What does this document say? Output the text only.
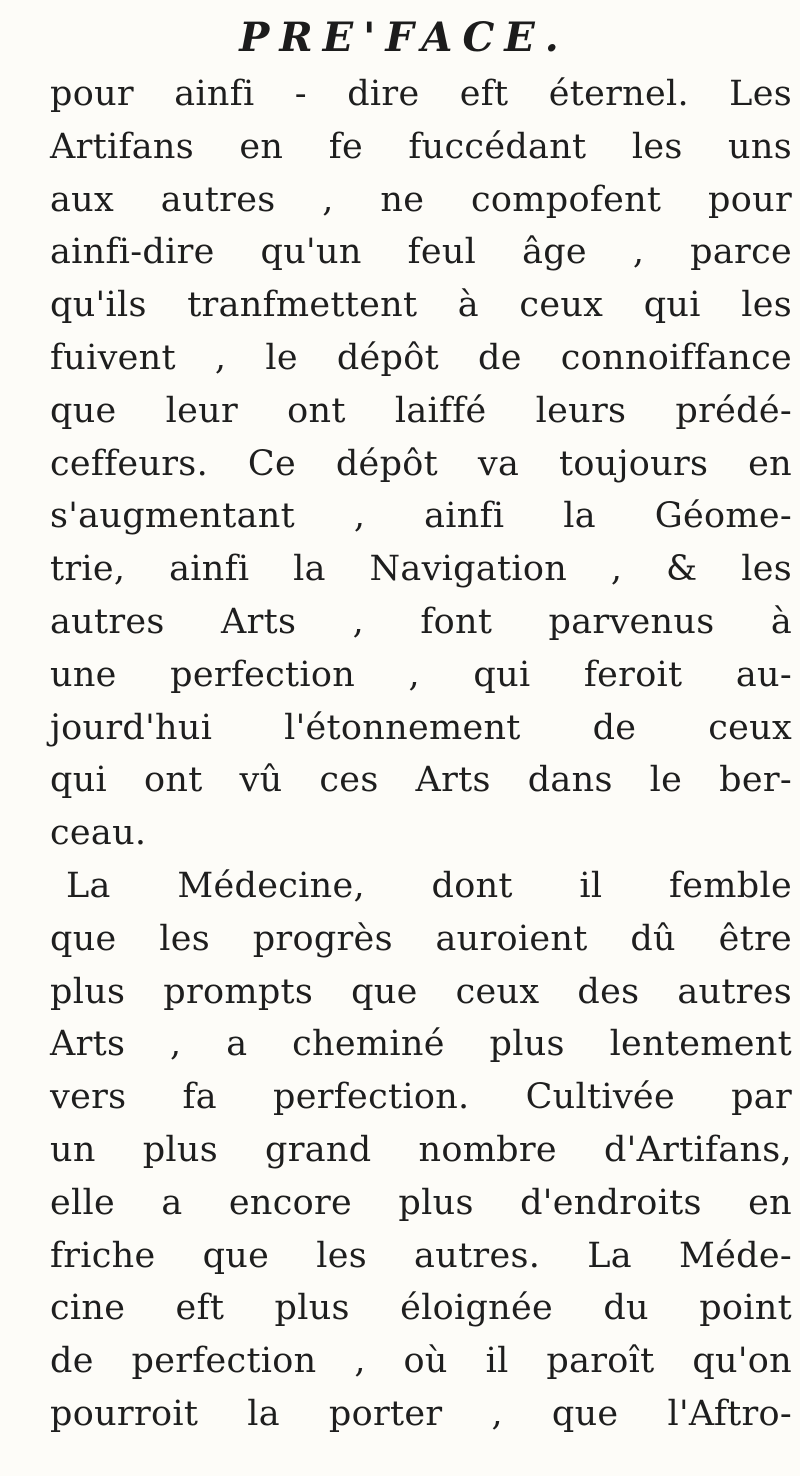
PRE'FACE.
pour ainfi - dire eft éternel. Les
Artifans en fe fuccédant les uns
aux autres , ne compofent pour
ainfi-dire qu'un feul âge , parce
qu'ils tranfmettent à ceux qui les
fuivent , le dépôt de connoiffance
que leur ont laiffé leurs prédé-
ceffeurs. Ce dépôt va toujours en
s'augmentant , ainfi la Géome-
trie, ainfi la Navigation , & les
autres Arts , font parvenus à
une perfection , qui feroit au-
jourd'hui l'étonnement de ceux
qui ont vû ces Arts dans le ber-
ceau.
La Médecine, dont il femble
que les progrès auroient dû être
plus prompts que ceux des autres
Arts , a cheminé plus lentement
vers fa perfection. Cultivée par
un plus grand nombre d'Artifans,
elle a encore plus d'endroits en
friche que les autres. La Méde-
cine eft plus éloignée du point
de perfection , où il paroît qu'on
pourroit la porter , que l'Aftro-
